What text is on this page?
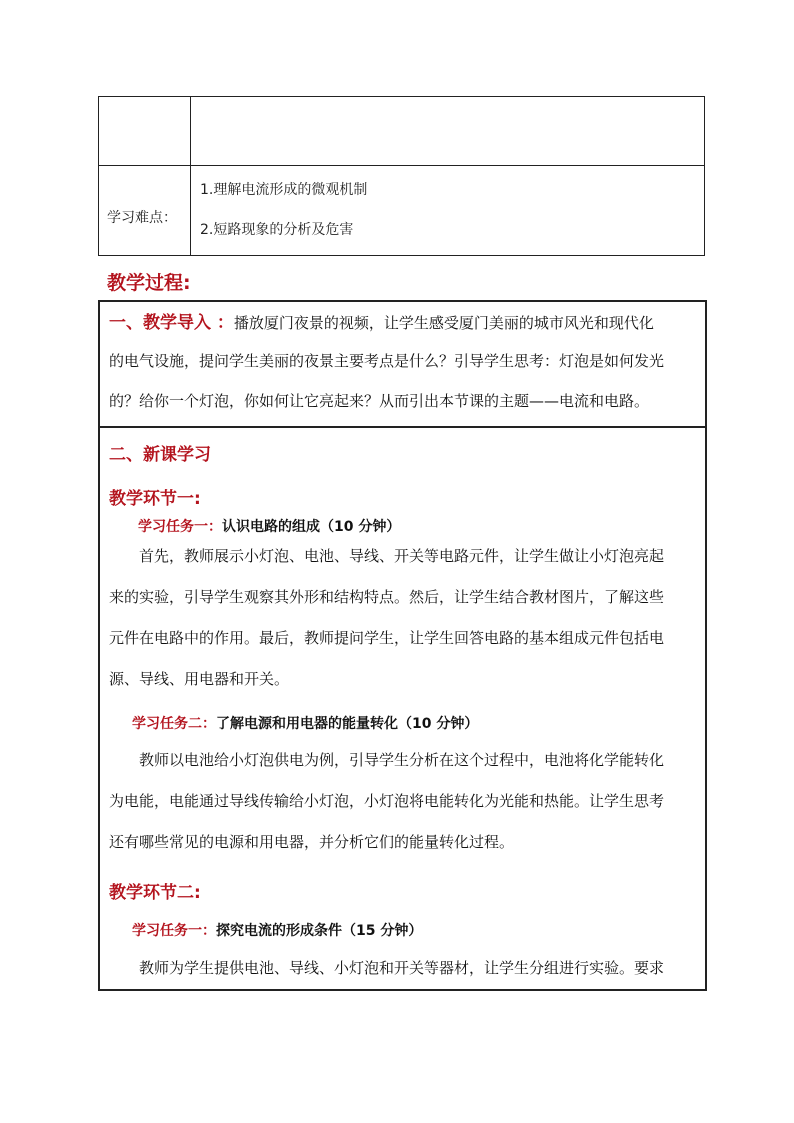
学习难点：
1.理解电流形成的微观机制
2.短路现象的分析及危害
教学过程:
一、教学导入 ：播放厦门夜景的视频，让学生感受厦门美丽的城市风光和现代化
的电气设施，提问学生美丽的夜景主要考点是什么？引导学生思考：灯泡是如何发光
的？给你一个灯泡，你如何让它亮起来？从而引出本节课的主题——电流和电路。
二、新课学习
教学环节一:
学习任务一：认识电路的组成（10 分钟）
首先，教师展示小灯泡、电池、导线、开关等电路元件，让学生做让小灯泡亮起
来的实验，引导学生观察其外形和结构特点。然后，让学生结合教材图片，了解这些
元件在电路中的作用。最后，教师提问学生，让学生回答电路的基本组成元件包括电
源、导线、用电器和开关。
学习任务二：了解电源和用电器的能量转化（10 分钟）
教师以电池给小灯泡供电为例，引导学生分析在这个过程中，电池将化学能转化
为电能，电能通过导线传输给小灯泡，小灯泡将电能转化为光能和热能。让学生思考
还有哪些常见的电源和用电器，并分析它们的能量转化过程。
教学环节二:
学习任务一：探究电流的形成条件（15 分钟）
教师为学生提供电池、导线、小灯泡和开关等器材，让学生分组进行实验。要求
